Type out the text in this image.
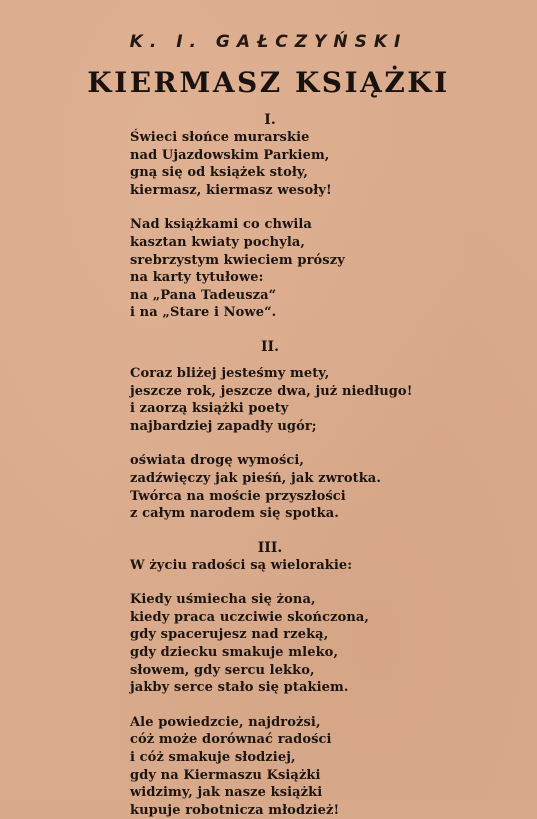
K. I. GAŁCZYŃSKI
KIERMASZ KSIĄŻKI
I.
Świeci słońce murarskie
nad Ujazdowskim Parkiem,
gną się od książek stoły,
kiermasz, kiermasz wesoły!
Nad książkami co chwila
kasztan kwiaty pochyla,
srebrzystym kwieciem prószy
na karty tytułowe:
na „Pana Tadeusza“
i na „Stare i Nowe“.
II.
Coraz bliżej jesteśmy mety,
jeszcze rok, jeszcze dwa, już niedługo!
i zaorzą książki poety
najbardziej zapadły ugór;
oświata drogę wymości,
zadźwięczy jak pieśń, jak zwrotka.
Twórca na moście przyszłości
z całym narodem się spotka.
III.
W życiu radości są wielorakie:
Kiedy uśmiecha się żona,
kiedy praca uczciwie skończona,
gdy spacerujesz nad rzeką,
gdy dziecku smakuje mleko,
słowem, gdy sercu lekko,
jakby serce stało się ptakiem.
Ale powiedzcie, najdrożsi,
cóż może dorównać radości
i cóż smakuje słodziej,
gdy na Kiermaszu Książki
widzimy, jak nasze książki
kupuje robotnicza młodzież!
